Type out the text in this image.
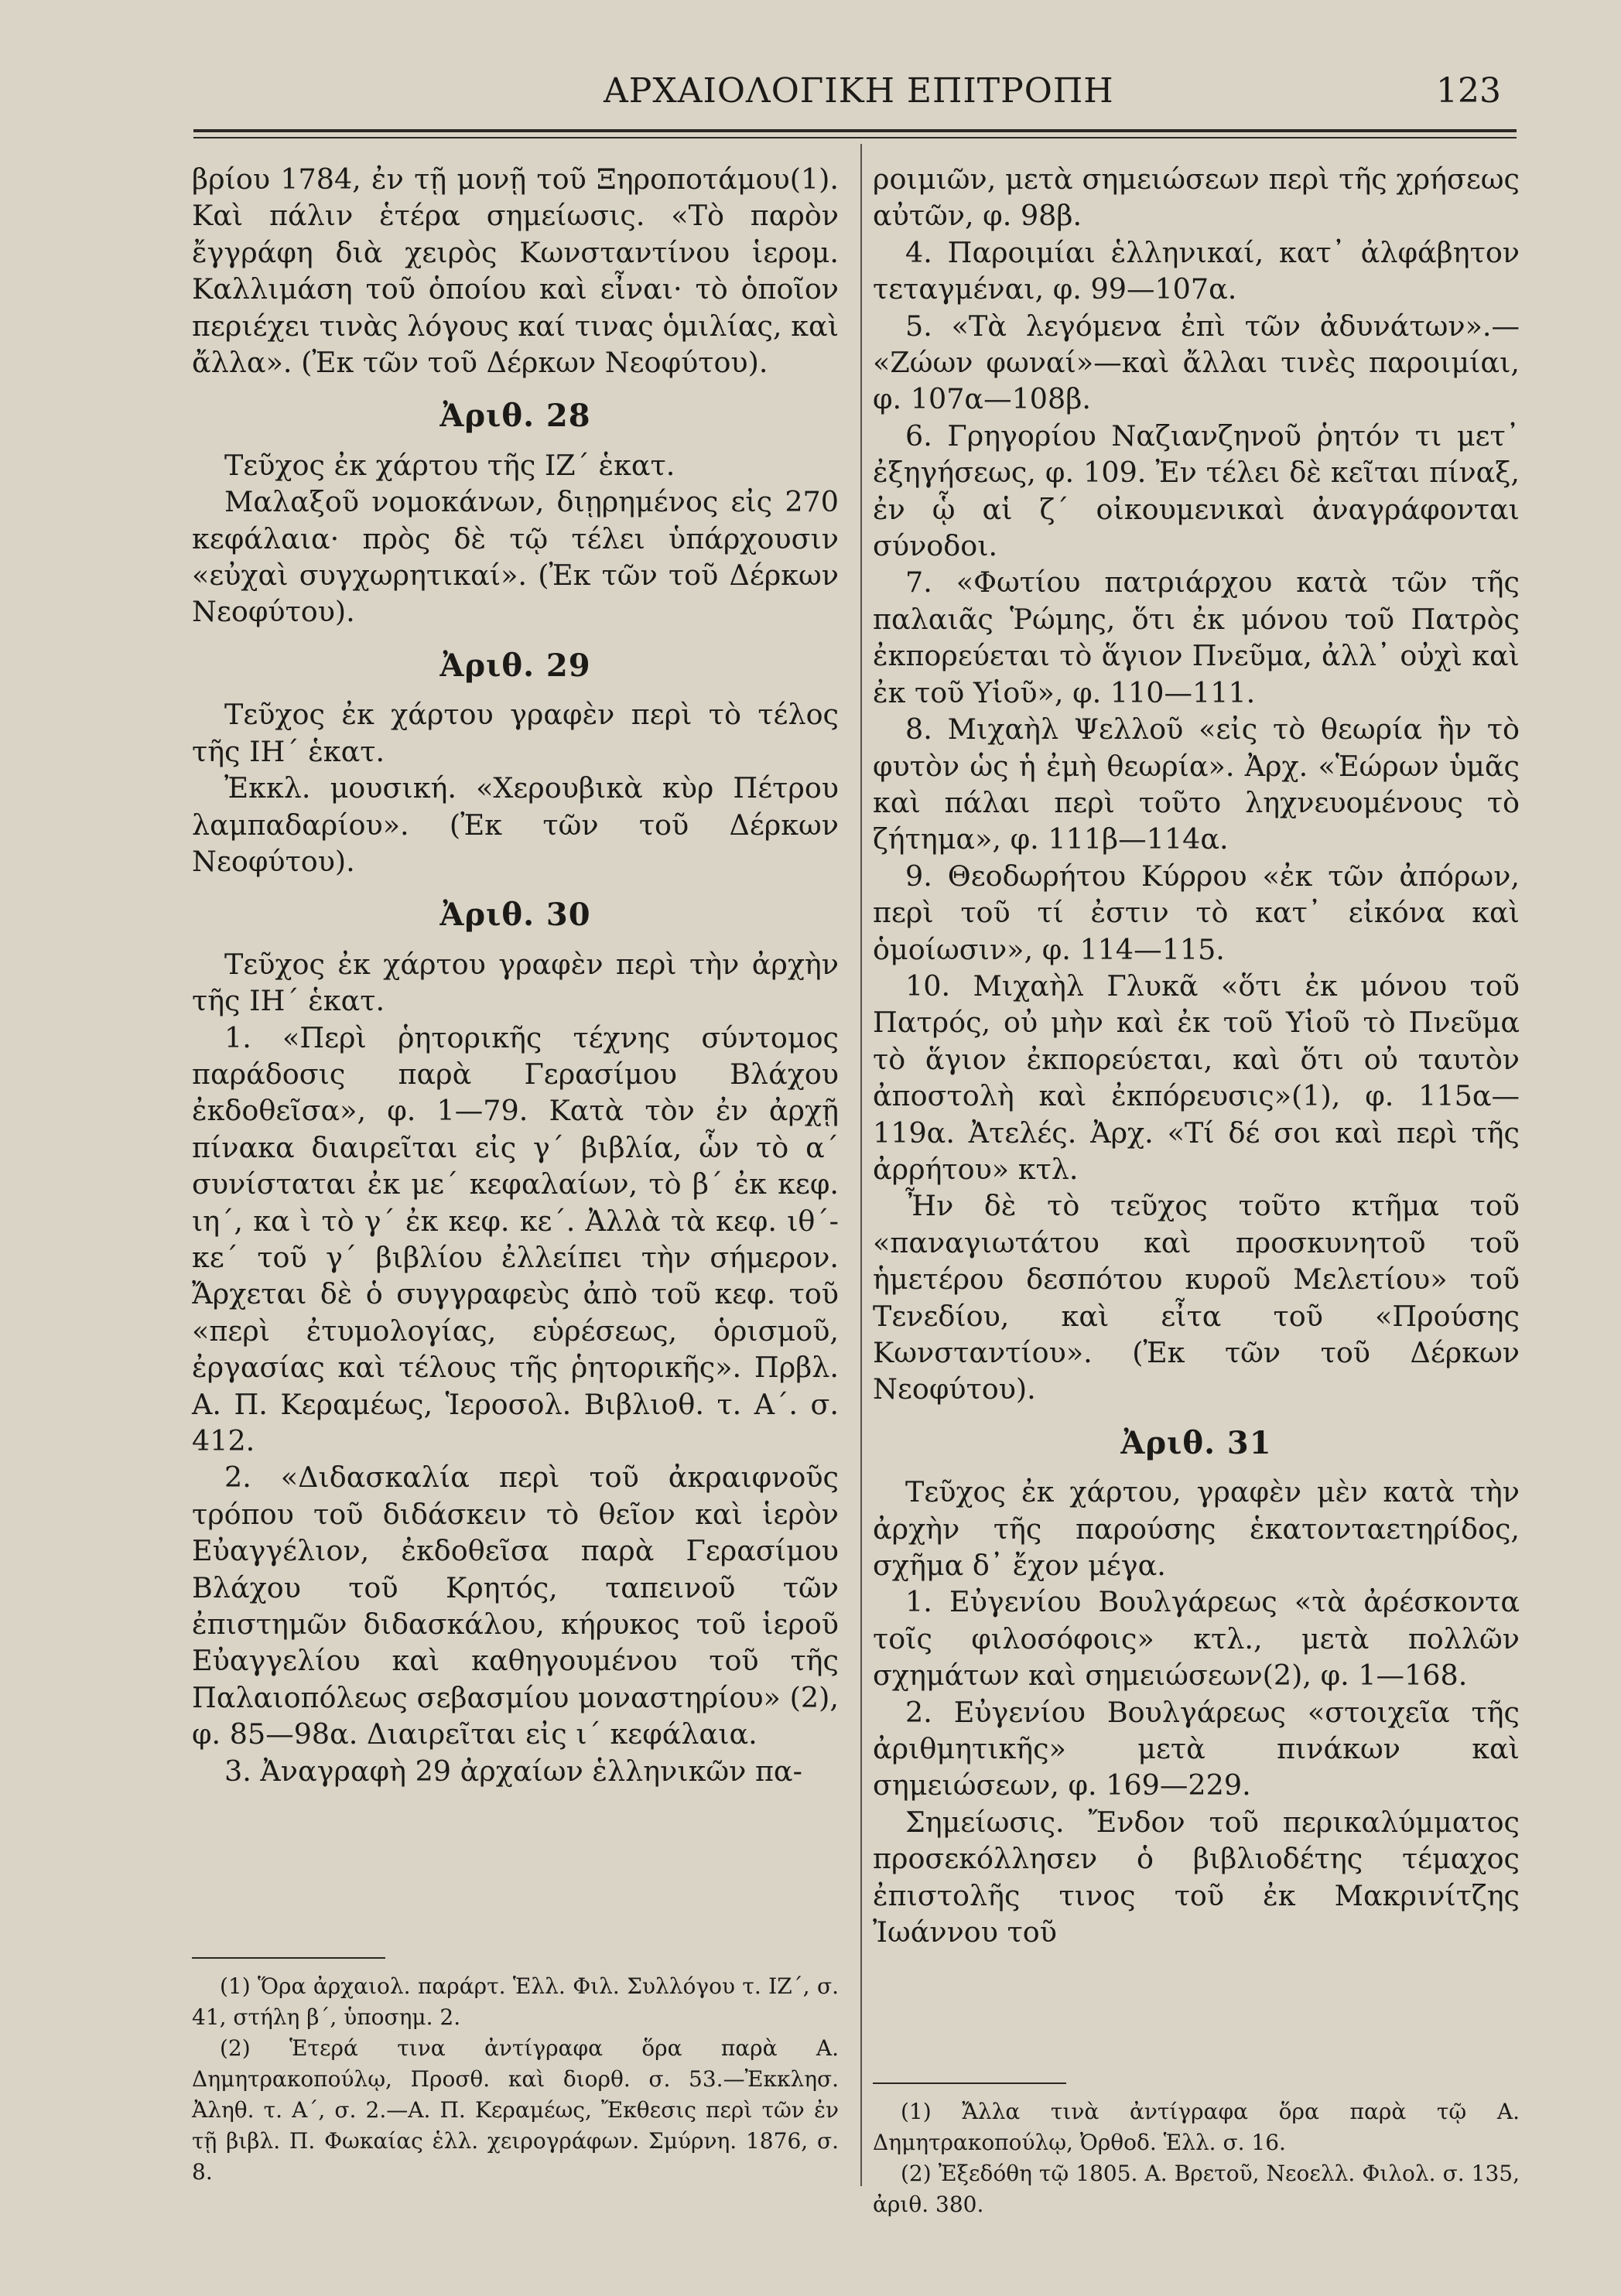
ΑΡΧΑΙΟΛΟΓΙΚΗ ΕΠΙΤΡΟΠΗ	123

βρίου 1784, ἐν τῇ μονῇ τοῦ Ξηροποτάμου(1). Καὶ πάλιν ἑτέρα σημείωσις. «Τὸ παρὸν ἔγγράφη διὰ χειρὸς Κωνσταντίνου ἱερομ. Καλλιμάση τοῦ ὁποίου καὶ εἶναι· τὸ ὁποῖον περιέχει τινὰς λόγους καί τινας ὁμιλίας, καὶ ἄλλα». (Ἐκ τῶν τοῦ Δέρκων Νεοφύτου).

Ἀριθ. 28

Τεῦχος ἐκ χάρτου τῆς ΙΖ΄ ἑκατ.

Μαλαξοῦ νομοκάνων, διῃρημένος εἰς 270 κεφάλαια· πρὸς δὲ τῷ τέλει ὑπάρχουσιν «εὐχαὶ συγχωρητικαί». (Ἐκ τῶν τοῦ Δέρκων Νεοφύτου).

Ἀριθ. 29

Τεῦχος ἐκ χάρτου γραφὲν περὶ τὸ τέλος τῆς ΙΗ΄ ἑκατ.

Ἐκκλ. μουσική. «Χερουβικὰ κὺρ Πέτρου λαμπαδαρίου». (Ἐκ τῶν τοῦ Δέρκων Νεοφύτου).

Ἀριθ. 30

Τεῦχος ἐκ χάρτου γραφὲν περὶ τὴν ἀρχὴν τῆς ΙΗ΄ ἑκατ.

1. «Περὶ ῥητορικῆς τέχνης σύντομος παράδοσις παρὰ Γερασίμου Βλάχου ἐκδοθεῖσα», φ. 1—79. Κατὰ τὸν ἐν ἀρχῇ πίνακα διαιρεῖται εἰς γ΄ βιβλία, ὧν τὸ α΄ συνίσταται ἐκ με΄ κεφαλαίων, τὸ β΄ ἐκ κεφ. ιη΄, κα ὶ τὸ γ΄ ἐκ κεφ. κε΄. Ἀλλὰ τὰ κεφ. ιθ΄-κε΄ τοῦ γ΄ βιβλίου ἐλλείπει τὴν σήμερον. Ἄρχεται δὲ ὁ συγγραφεὺς ἀπὸ τοῦ κεφ. τοῦ «περὶ ἐτυμολογίας, εὑρέσεως, ὁρισμοῦ, ἐργασίας καὶ τέλους τῆς ῥητορικῆς». Πρβλ. Α. Π. Κεραμέως, Ἱεροσολ. Βιβλιοθ. τ. Α΄. σ. 412.

2. «Διδασκαλία περὶ τοῦ ἀκραιφνοῦς τρόπου τοῦ διδάσκειν τὸ θεῖον καὶ ἱερὸν Εὐαγγέλιον, ἐκδοθεῖσα παρὰ Γερασίμου Βλάχου τοῦ Κρητός, ταπεινοῦ τῶν ἐπιστημῶν διδασκάλου, κήρυκος τοῦ ἱεροῦ Εὐαγγελίου καὶ καθηγουμένου τοῦ τῆς Παλαιοπόλεως σεβασμίου μοναστηρίου» (2), φ. 85—98α. Διαιρεῖται εἰς ι΄ κεφάλαια.

3. Ἀναγραφὴ 29 ἀρχαίων ἑλληνικῶν πα-

ροιμιῶν, μετὰ σημειώσεων περὶ τῆς χρήσεως αὐτῶν, φ. 98β.

4. Παροιμίαι ἑλληνικαί, κατ᾽ ἀλφάβητον τεταγμέναι, φ. 99—107α.

5. «Τὰ λεγόμενα ἐπὶ τῶν ἀδυνάτων».— «Ζώων φωναί»—καὶ ἄλλαι τινὲς παροιμίαι, φ. 107α—108β.

6. Γρηγορίου Ναζιανζηνοῦ ῥητόν τι μετ᾽ ἐξηγήσεως, φ. 109. Ἐν τέλει δὲ κεῖται πίναξ, ἐν ᾧ αἱ ζ΄ οἰκουμενικαὶ ἀναγράφονται σύνοδοι.

7. «Φωτίου πατριάρχου κατὰ τῶν τῆς παλαιᾶς Ῥώμης, ὅτι ἐκ μόνου τοῦ Πατρὸς ἐκπορεύεται τὸ ἅγιον Πνεῦμα, ἀλλ᾽ οὐχὶ καὶ ἐκ τοῦ Υἱοῦ», φ. 110—111.

8. Μιχαὴλ Ψελλοῦ «εἰς τὸ θεωρία ἣν τὸ φυτὸν ὡς ἡ ἐμὴ θεωρία». Ἀρχ. «Ἑώρων ὑμᾶς καὶ πάλαι περὶ τοῦτο ληχνευομένους τὸ ζήτημα», φ. 111β—114α.

9. Θεοδωρήτου Κύρρου «ἐκ τῶν ἀπόρων, περὶ τοῦ τί ἐστιν τὸ κατ᾽ εἰκόνα καὶ ὁμοίωσιν», φ. 114—115.

10. Μιχαὴλ Γλυκᾶ «ὅτι ἐκ μόνου τοῦ Πατρός, οὐ μὴν καὶ ἐκ τοῦ Υἱοῦ τὸ Πνεῦμα τὸ ἅγιον ἐκπορεύεται, καὶ ὅτι οὐ ταυτὸν ἀποστολὴ καὶ ἐκπόρευσις»(1), φ. 115α—119α. Ἀτελές. Ἀρχ. «Τί δέ σοι καὶ περὶ τῆς ἀρρήτου» κτλ.

Ἦν δὲ τὸ τεῦχος τοῦτο κτῆμα τοῦ «παναγιωτάτου καὶ προσκυνητοῦ τοῦ ἡμετέρου δεσπότου κυροῦ Μελετίου» τοῦ Τενεδίου, καὶ εἶτα τοῦ «Προύσης Κωνσταντίου». (Ἐκ τῶν τοῦ Δέρκων Νεοφύτου).

Ἀριθ. 31

Τεῦχος ἐκ χάρτου, γραφὲν μὲν κατὰ τὴν ἀρχὴν τῆς παρούσης ἑκατονταετηρίδος, σχῆμα δ᾽ ἔχον μέγα.

1. Εὐγενίου Βουλγάρεως «τὰ ἀρέσκοντα τοῖς φιλοσόφοις» κτλ., μετὰ πολλῶν σχημάτων καὶ σημειώσεων(2), φ. 1—168.

2. Εὐγενίου Βουλγάρεως «στοιχεῖα τῆς ἀριθμητικῆς» μετὰ πινάκων καὶ σημειώσεων, φ. 169—229.

Σημείωσις. Ἔνδον τοῦ περικαλύμματος προσεκόλλησεν ὁ βιβλιοδέτης τέμαχος ἐπιστολῆς τινος τοῦ ἐκ Μακρινίτζης Ἰωάννου τοῦ

(1) Ὅρα ἀρχαιολ. παράρτ. Ἑλλ. Φιλ. Συλλόγου τ. ΙΖ΄, σ. 41, στήλη β΄, ὑποσημ. 2.

(2) Ἑτερά τινα ἀντίγραφα ὅρα παρὰ Α. Δημητρακοπούλῳ, Προσθ. καὶ διορθ. σ. 53.—Ἐκκλησ. Ἀληθ. τ. Α΄, σ. 2.—Α. Π. Κεραμέως, Ἔκθεσις περὶ τῶν ἐν τῇ βιβλ. Π. Φωκαίας ἑλλ. χειρογράφων. Σμύρνη. 1876, σ. 8.

(1) Ἄλλα τινὰ ἀντίγραφα ὅρα παρὰ τῷ Α. Δημητρακοπούλῳ, Ὀρθοδ. Ἑλλ. σ. 16.

(2) Ἐξεδόθη τῷ 1805. Α. Βρετοῦ, Νεοελλ. Φιλολ. σ. 135, ἀριθ. 380.
